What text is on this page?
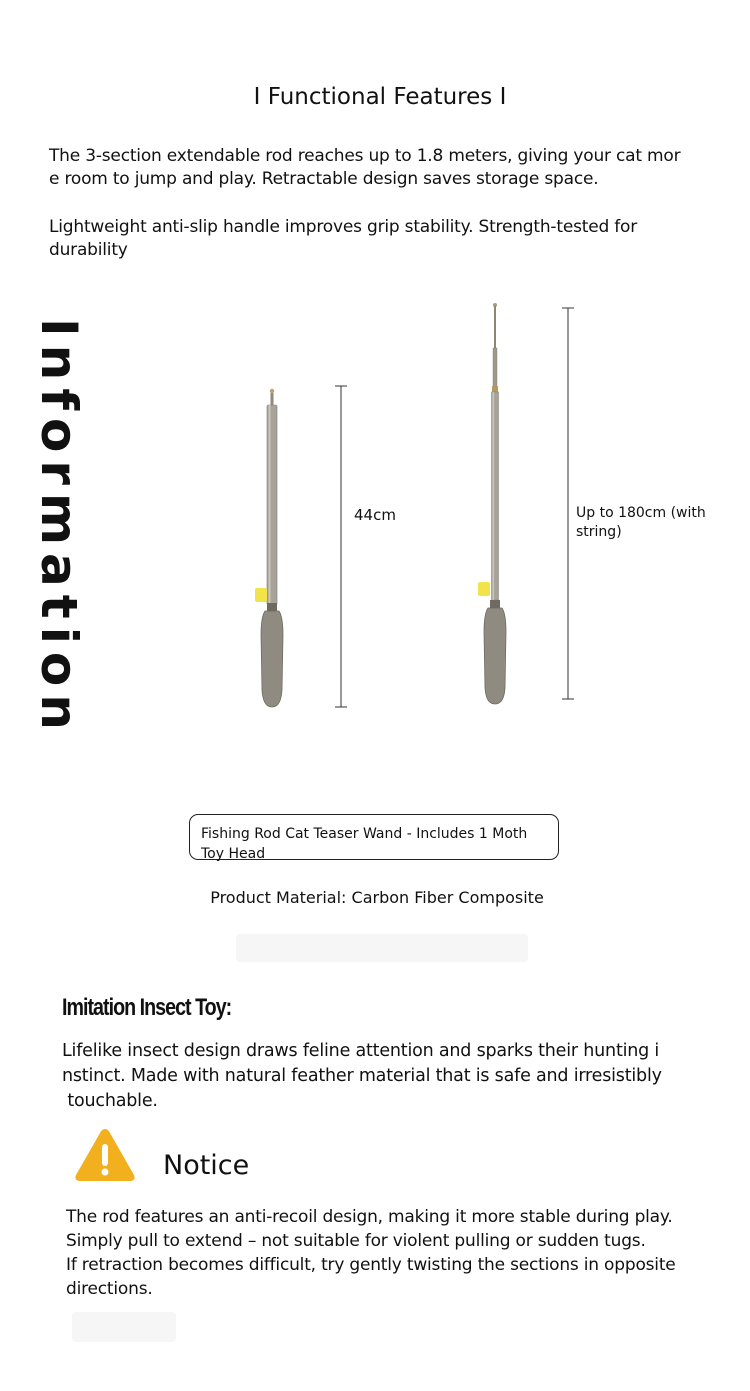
I Functional Features I
The 3-section extendable rod reaches up to 1.8 meters, giving your cat mor
e room to jump and play. Retractable design saves storage space.
Lightweight anti-slip handle improves grip stability. Strength-tested for
durability
Information	44cm	Up to 180cm (with
string)
Fishing Rod Cat Teaser Wand - Includes 1 Moth
Toy Head
Product Material: Carbon Fiber Composite
Imitation Insect Toy:
Lifelike insect design draws feline attention and sparks their hunting i
nstinct. Made with natural feather material that is safe and irresistibly
touchable.
Notice
The rod features an anti-recoil design, making it more stable during play.
Simply pull to extend – not suitable for violent pulling or sudden tugs.
If retraction becomes difficult, try gently twisting the sections in opposite
directions.
